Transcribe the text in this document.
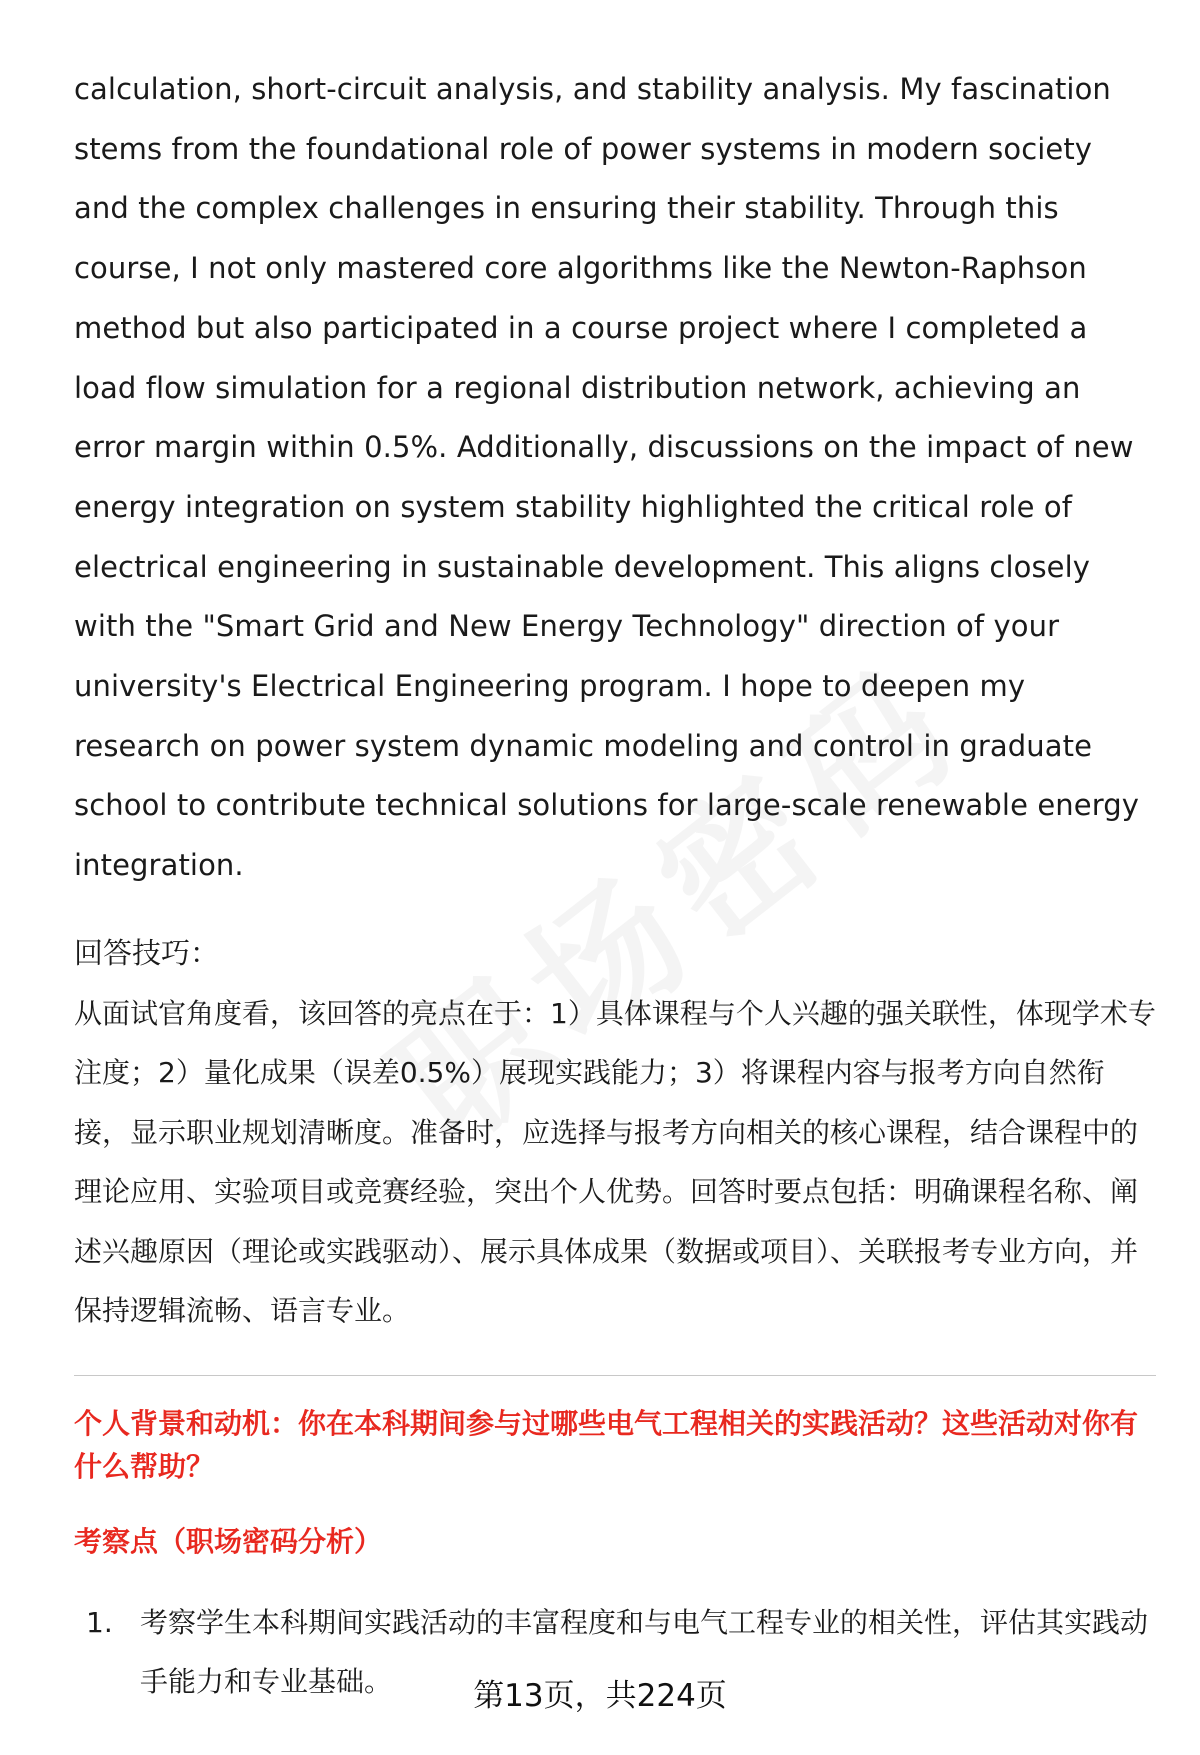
calculation, short-circuit analysis, and stability analysis. My fascination stems from the foundational role of power systems in modern society and the complex challenges in ensuring their stability. Through this course, I not only mastered core algorithms like the Newton-Raphson method but also participated in a course project where I completed a load flow simulation for a regional distribution network, achieving an error margin within 0.5%. Additionally, discussions on the impact of new energy integration on system stability highlighted the critical role of electrical engineering in sustainable development. This aligns closely with the "Smart Grid and New Energy Technology" direction of your university's Electrical Engineering program. I hope to deepen my research on power system dynamic modeling and control in graduate school to contribute technical solutions for large-scale renewable energy integration.

回答技巧：

从面试官角度看，该回答的亮点在于：1）具体课程与个人兴趣的强关联性，体现学术专注度；2）量化成果（误差0.5%）展现实践能力；3）将课程内容与报考方向自然衔接，显示职业规划清晰度。准备时，应选择与报考方向相关的核心课程，结合课程中的理论应用、实验项目或竞赛经验，突出个人优势。回答时要点包括：明确课程名称、阐述兴趣原因（理论或实践驱动）、展示具体成果（数据或项目）、关联报考专业方向，并保持逻辑流畅、语言专业。

个人背景和动机：你在本科期间参与过哪些电气工程相关的实践活动？这些活动对你有什么帮助？

考察点（职场密码分析）

1. 考察学生本科期间实践活动的丰富程度和与电气工程专业的相关性，评估其实践动手能力和专业基础。	第13页，共224页
